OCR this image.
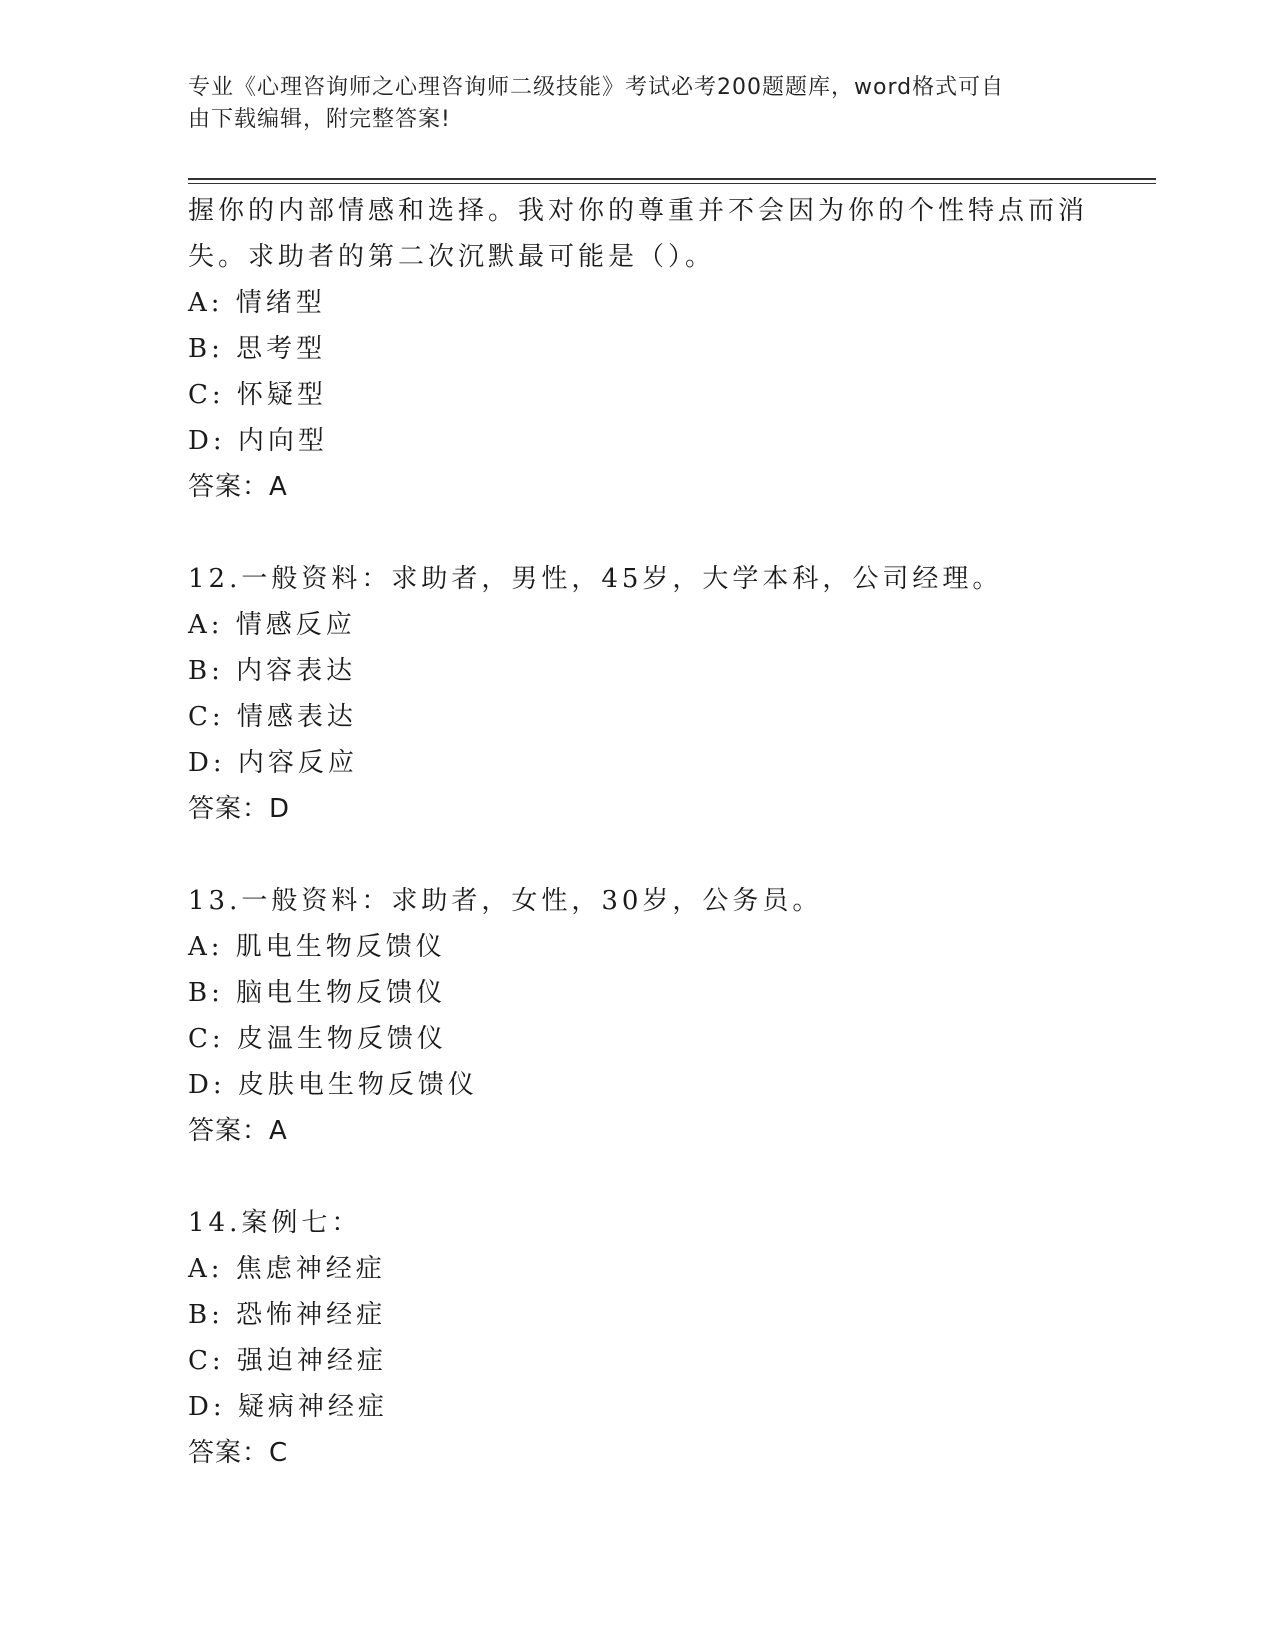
专业《心理咨询师之心理咨询师二级技能》考试必考200题题库，word格式可自
由下载编辑，附完整答案!
握你的内部情感和选择。我对你的尊重并不会因为你的个性特点而消
失。求助者的第二次沉默最可能是（）。
A: 情绪型
B: 思考型
C: 怀疑型
D: 内向型
答案：A
12.一般资料：求助者，男性，45岁，大学本科，公司经理。
A: 情感反应
B: 内容表达
C: 情感表达
D: 内容反应
答案：D
13.一般资料：求助者，女性，30岁，公务员。
A: 肌电生物反馈仪
B: 脑电生物反馈仪
C: 皮温生物反馈仪
D: 皮肤电生物反馈仪
答案：A
14.案例七：
A: 焦虑神经症
B: 恐怖神经症
C: 强迫神经症
D: 疑病神经症
答案：C
